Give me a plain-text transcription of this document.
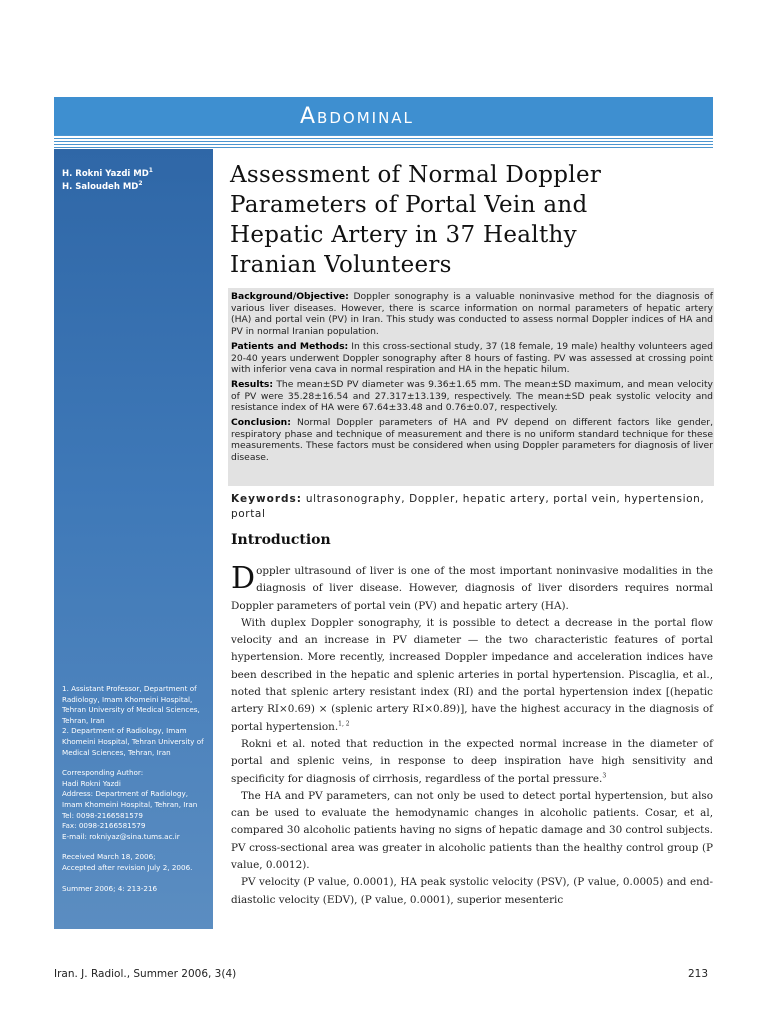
Abdominal
H. Rokni Yazdi $MD^1$
H. Saloudeh $MD^2$
1. Assistant Professor, Department of
Radiology, Imam Khomeini Hospital,
Tehran University of Medical Sciences,
Tehran, Iran
2. Department of Radiology, Imam
Khomeini Hospital, Tehran University of
Medical Sciences, Tehran, Iran
Corresponding Author:
Hadi Rokni Yazdi
Address: Department of Radiology,
Imam Khomeini Hospital, Tehran, Iran
Tel: 0098-2166581579
Fax: 0098-2166581579
E-mail: rokniyaz@sina.tums.ac.ir
Received March 18, 2006;
Accepted after revision July 2, 2006.
Summer 2006; 4: 213-216
Assessment of Normal Doppler
Parameters of Portal Vein and
Hepatic Artery in 37 Healthy
Iranian Volunteers

Background/Objective: Doppler sonography is a valuable noninvasive method for the diagnosis of various liver diseases. However, there is scarce information on normal parameters of hepatic artery (HA) and portal vein (PV) in Iran. This study was conducted to assess normal Doppler indices of HA and PV in normal Iranian population.

Patients and Methods: In this cross-sectional study, 37 (18 female, 19 male) healthy volunteers aged 20-40 years underwent Doppler sonography after 8 hours of fasting. PV was assessed at crossing point with inferior vena cava in normal respiration and HA in the hepatic hilum.

Results: The mean±SD PV diameter was 9.36±1.65 mm. The mean±SD maximum, and mean velocity of PV were 35.28±16.54 and 27.317±13.139, respectively. The mean±SD peak systolic velocity and resistance index of HA were 67.64±33.48 and 0.76±0.07, respectively.

Conclusion: Normal Doppler parameters of HA and PV depend on different factors like gender, respiratory phase and technique of measurement and there is no uniform standard technique for these measurements. These factors must be considered when using Doppler parameters for diagnosis of liver disease.

Keywords: ultrasonography, Doppler, hepatic artery, portal vein, hypertension, portal
Introduction

Doppler ultrasound of liver is one of the most important noninvasive modalities in the diagnosis of liver disease. However, diagnosis of liver disorders requires normal Doppler parameters of portal vein (PV) and hepatic artery (HA).

With duplex Doppler sonography, it is possible to detect a decrease in the portal flow velocity and an increase in PV diameter — the two characteristic features of portal hypertension. More recently, increased Doppler impedance and acceleration indices have been described in the hepatic and splenic arteries in portal hypertension. Piscaglia, et al., noted that splenic artery resistant index (RI) and the portal hypertension index [(hepatic artery RI×0.69) × (splenic artery RI×0.89)], have the highest accuracy in the diagnosis of portal hypertension.$^{1, 2}$

Rokni et al. noted that reduction in the expected normal increase in the diameter of portal and splenic veins, in response to deep inspiration have high sensitivity and specificity for diagnosis of cirrhosis, regardless of the portal pressure.$^3$

The HA and PV parameters, can not only be used to detect portal hypertension, but also can be used to evaluate the hemodynamic changes in alcoholic patients. Cosar, et al, compared 30 alcoholic patients having no signs of hepatic damage and 30 control subjects. PV cross-sectional area was greater in alcoholic patients than the healthy control group (P value, 0.0012).

PV velocity (P value, 0.0001), HA peak systolic velocity (PSV), (P value, 0.0005) and end-diastolic velocity (EDV), (P value, 0.0001), superior mesenteric

Iran. J. Radiol., Summer 2006, 3(4)	213
